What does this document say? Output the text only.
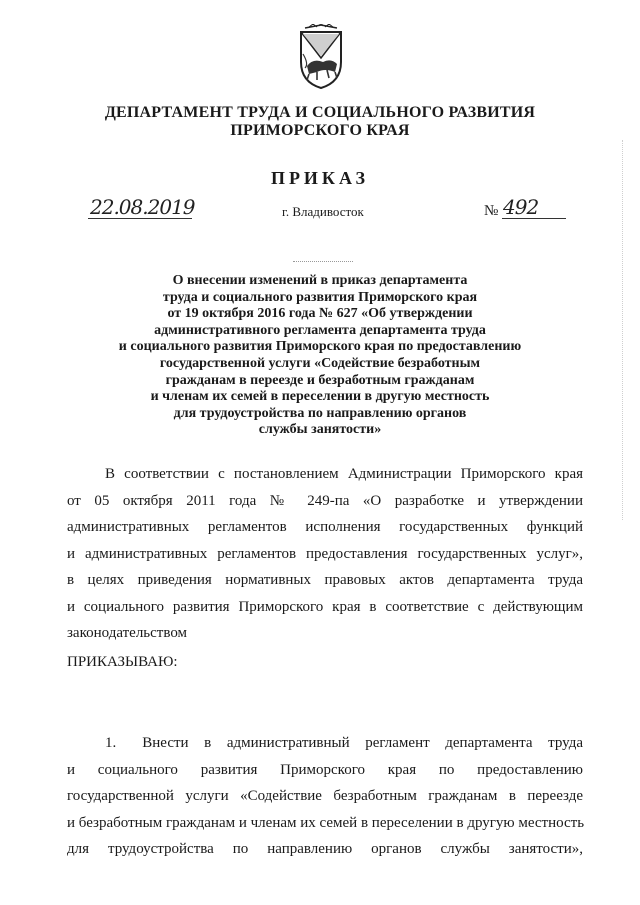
ДЕПАРТАМЕНТ ТРУДА И СОЦИАЛЬНОГО РАЗВИТИЯ
ПРИМОРСКОГО КРАЯ
ПРИКАЗ
22.08.2019	г. Владивосток	№ 492
О внесении изменений в приказ департамента
труда и социального развития Приморского края
от 19 октября 2016 года № 627 «Об утверждении
административного регламента департамента труда
и социального развития Приморского края по предоставлению
государственной услуги «Содействие безработным
гражданам в переезде и безработным гражданам
и членам их семей в переселении в другую местность
для трудоустройства по направлению органов
службы занятости»
В соответствии с постановлением Администрации Приморского края
от 05 октября 2011 года № 249-па «О разработке и утверждении
административных регламентов исполнения государственных функций
и административных регламентов предоставления государственных услуг»,
в целях приведения нормативных правовых актов департамента труда
и социального развития Приморского края в соответствие с действующим
законодательством
ПРИКАЗЫВАЮ:
1. Внести в административный регламент департамента труда
и социального развития Приморского края по предоставлению
государственной услуги «Содействие безработным гражданам в переезде
и безработным гражданам и членам их семей в переселении в другую местность
для трудоустройства по направлению органов службы занятости»,
